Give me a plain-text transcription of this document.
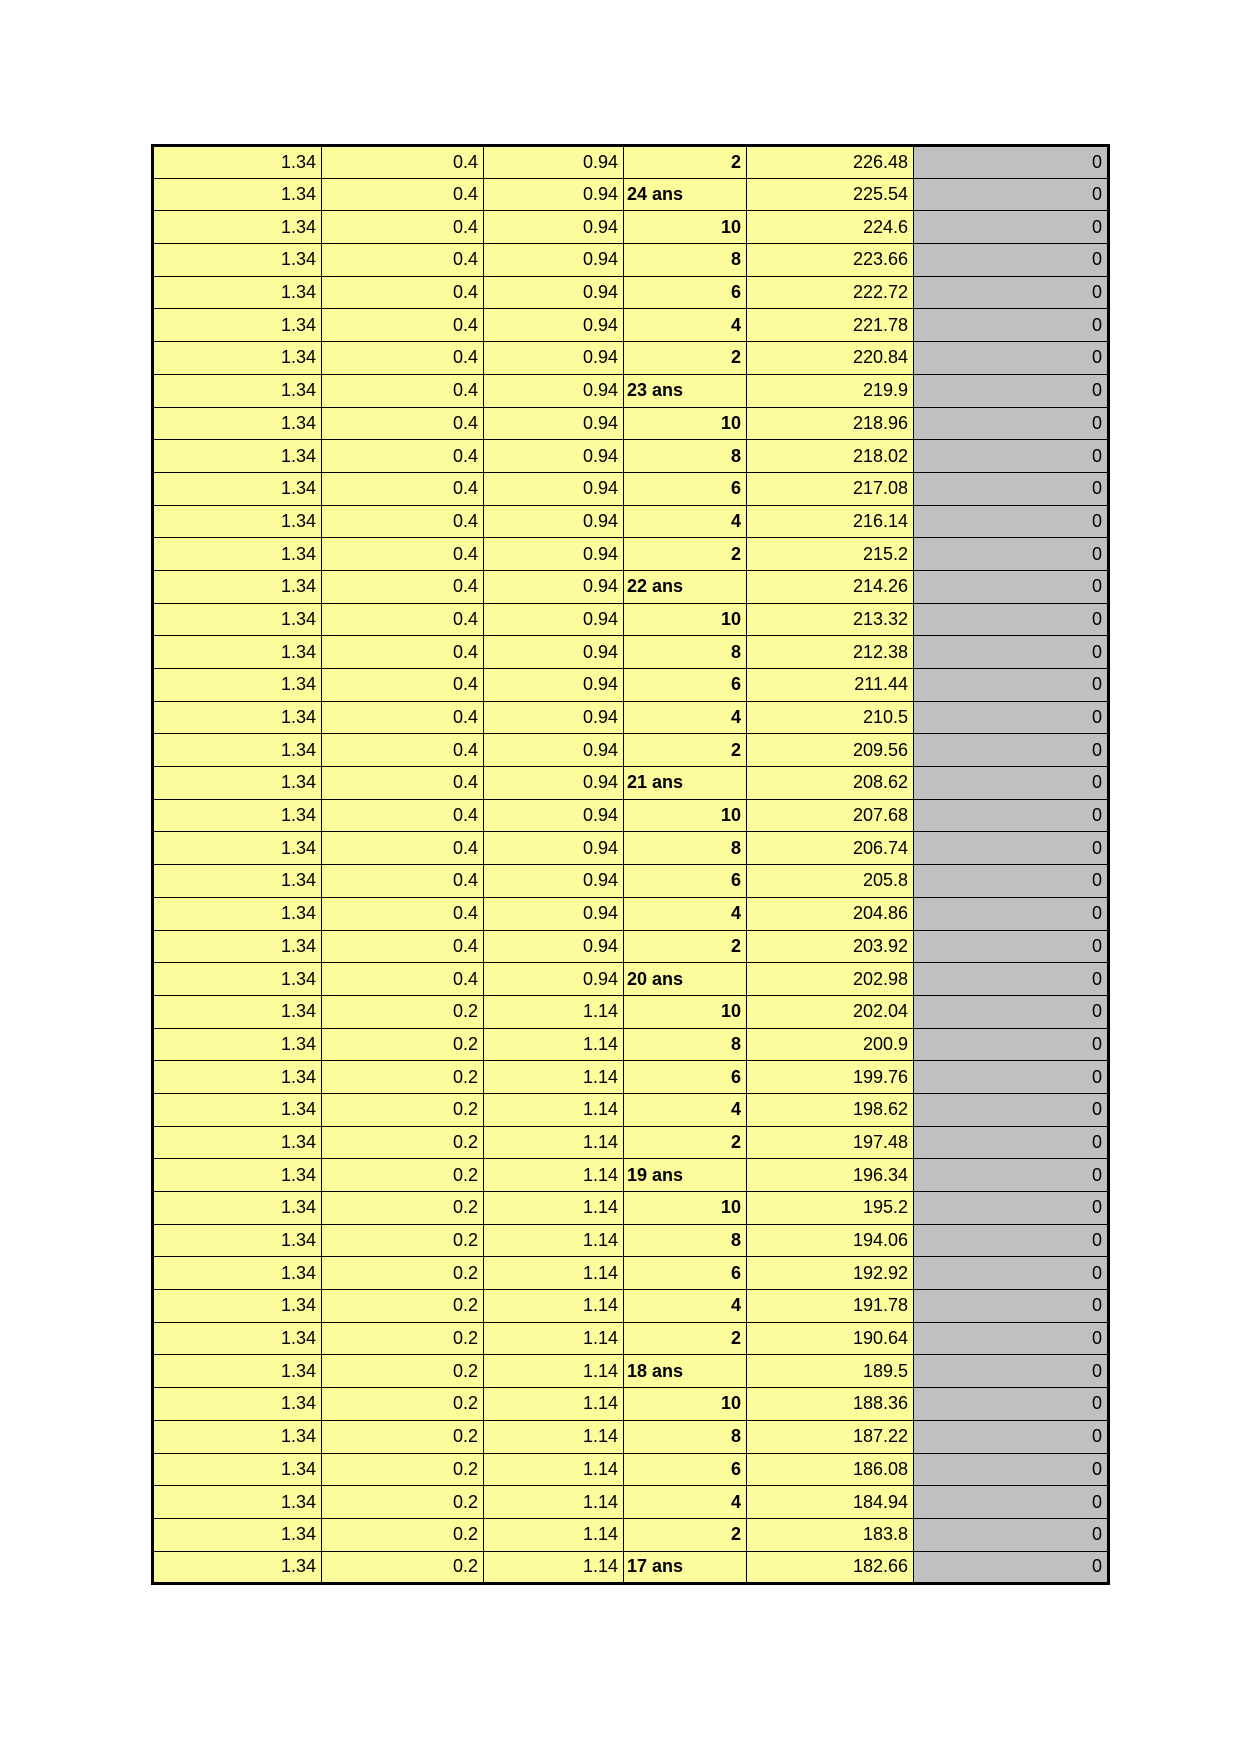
1.34	0.4	0.94	2	226.48	0
1.34	0.4	0.94	24 ans	225.54	0
1.34	0.4	0.94	10	224.6	0
1.34	0.4	0.94	8	223.66	0
1.34	0.4	0.94	6	222.72	0
1.34	0.4	0.94	4	221.78	0
1.34	0.4	0.94	2	220.84	0
1.34	0.4	0.94	23 ans	219.9	0
1.34	0.4	0.94	10	218.96	0
1.34	0.4	0.94	8	218.02	0
1.34	0.4	0.94	6	217.08	0
1.34	0.4	0.94	4	216.14	0
1.34	0.4	0.94	2	215.2	0
1.34	0.4	0.94	22 ans	214.26	0
1.34	0.4	0.94	10	213.32	0
1.34	0.4	0.94	8	212.38	0
1.34	0.4	0.94	6	211.44	0
1.34	0.4	0.94	4	210.5	0
1.34	0.4	0.94	2	209.56	0
1.34	0.4	0.94	21 ans	208.62	0
1.34	0.4	0.94	10	207.68	0
1.34	0.4	0.94	8	206.74	0
1.34	0.4	0.94	6	205.8	0
1.34	0.4	0.94	4	204.86	0
1.34	0.4	0.94	2	203.92	0
1.34	0.4	0.94	20 ans	202.98	0
1.34	0.2	1.14	10	202.04	0
1.34	0.2	1.14	8	200.9	0
1.34	0.2	1.14	6	199.76	0
1.34	0.2	1.14	4	198.62	0
1.34	0.2	1.14	2	197.48	0
1.34	0.2	1.14	19 ans	196.34	0
1.34	0.2	1.14	10	195.2	0
1.34	0.2	1.14	8	194.06	0
1.34	0.2	1.14	6	192.92	0
1.34	0.2	1.14	4	191.78	0
1.34	0.2	1.14	2	190.64	0
1.34	0.2	1.14	18 ans	189.5	0
1.34	0.2	1.14	10	188.36	0
1.34	0.2	1.14	8	187.22	0
1.34	0.2	1.14	6	186.08	0
1.34	0.2	1.14	4	184.94	0
1.34	0.2	1.14	2	183.8	0
1.34	0.2	1.14	17 ans	182.66	0
